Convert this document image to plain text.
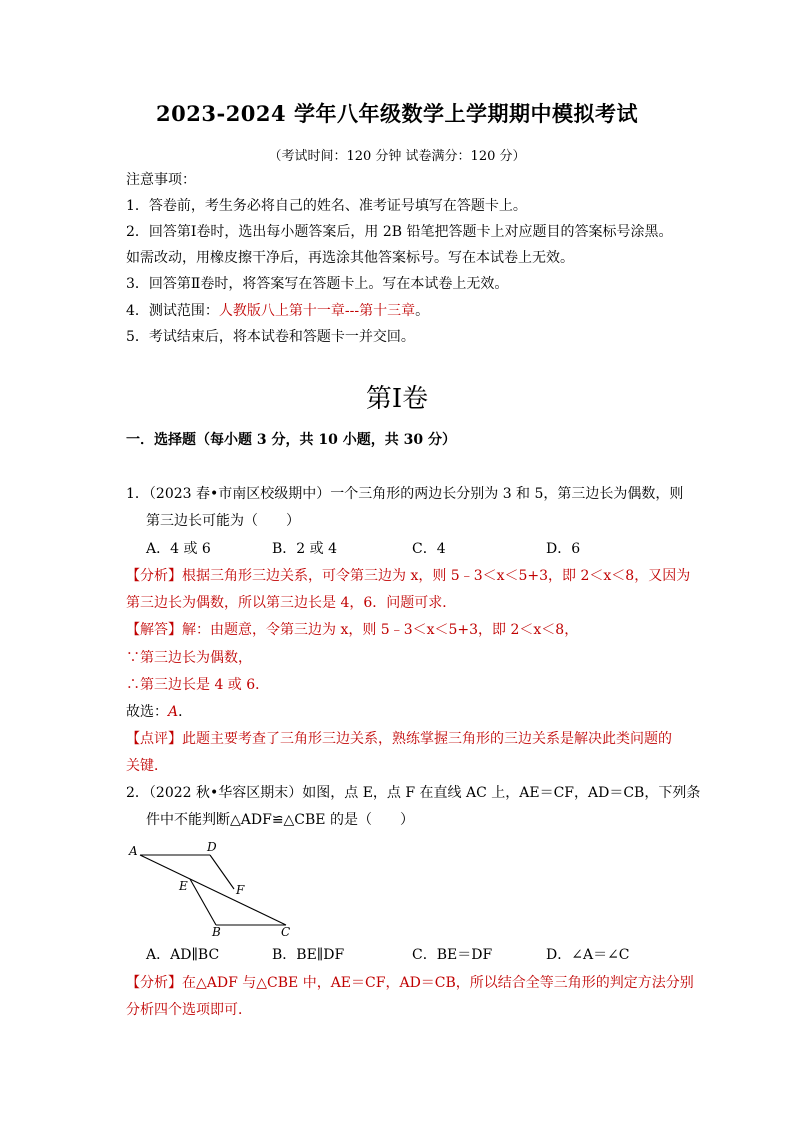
2023-2024 学年八年级数学上学期期中模拟考试
（考试时间：120 分钟 试卷满分：120 分）
注意事项：
1．答卷前，考生务必将自己的姓名、准考证号填写在答题卡上。
2．回答第Ⅰ卷时，选出每小题答案后，用 2B 铅笔把答题卡上对应题目的答案标号涂黑。
如需改动，用橡皮擦干净后，再选涂其他答案标号。写在本试卷上无效。
3．回答第Ⅱ卷时，将答案写在答题卡上。写在本试卷上无效。
4．测试范围：人教版八上第十一章---第十三章。
5．考试结束后，将本试卷和答题卡一并交回。
第Ⅰ卷
一．选择题（每小题 3 分，共 10 小题，共 30 分）
1．（2023 春•市南区校级期中）一个三角形的两边长分别为 3 和 5，第三边长为偶数，则
第三边长可能为（　　）
A．4 或 6	B．2 或 4	C．4	D．6
【分析】根据三角形三边关系，可令第三边为 x，则 5﹣3＜x＜5+3，即 2＜x＜8，又因为
第三边长为偶数，所以第三边长是 4，6．问题可求．
【解答】解：由题意，令第三边为 x，则 5﹣3＜x＜5+3，即 2＜x＜8，
∵第三边长为偶数，
∴第三边长是 4 或 6．
故选：A．
【点评】此题主要考查了三角形三边关系，熟练掌握三角形的三边关系是解决此类问题的
关键．
2．（2022 秋•华容区期末）如图，点 E，点 F 在直线 AC 上，AE＝CF，AD＝CB，下列条
件中不能判断△ADF≌△CBE 的是（　　）
A	D
E	F
B	C
A．AD∥BC	B．BE∥DF	C．BE＝DF	D．∠A＝∠C
【分析】在△ADF 与△CBE 中，AE＝CF，AD＝CB，所以结合全等三角形的判定方法分别
分析四个选项即可．
